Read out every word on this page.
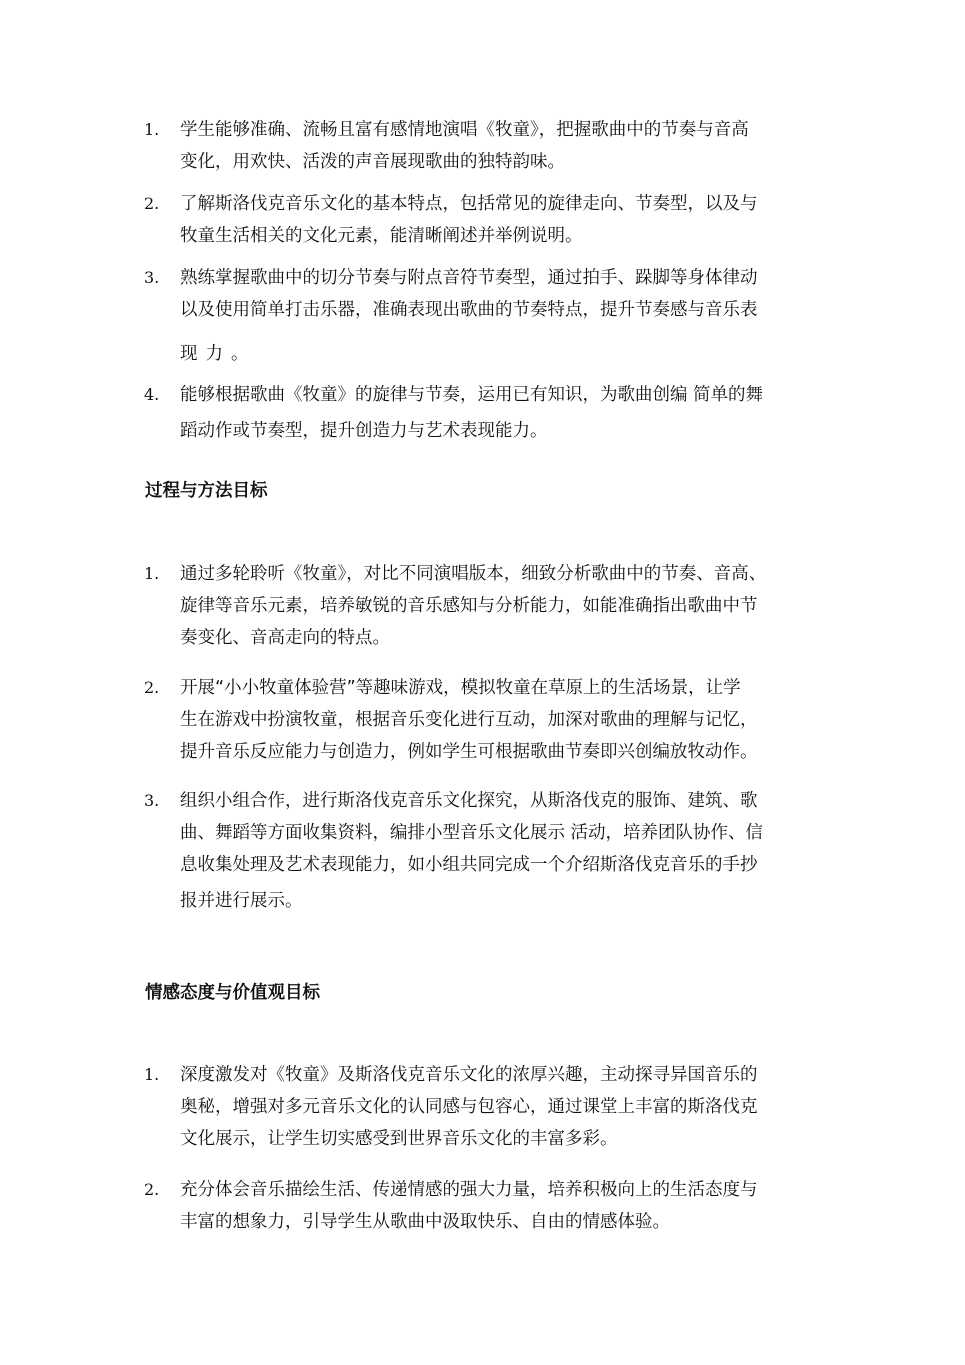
1. 学生能够准确、流畅且富有感情地演唱《牧童》，把握歌曲中的节奏与音高
变化，用欢快、活泼的声音展现歌曲的独特韵味。
2. 了解斯洛伐克音乐文化的基本特点，包括常见的旋律走向、节奏型，以及与
牧童生活相关的文化元素，能清晰阐述并举例说明。
3. 熟练掌握歌曲中的切分节奏与附点音符节奏型，通过拍手、跺脚等身体律动
以及使用简单打击乐器，准确表现出歌曲的节奏特点，提升节奏感与音乐表
现力。
4. 能够根据歌曲《牧童》的旋律与节奏，运用已有知识，为歌曲创编 简单的舞
蹈动作或节奏型，提升创造力与艺术表现能力。
过程与方法目标
1. 通过多轮聆听《牧童》，对比不同演唱版本，细致分析歌曲中的节奏、音高、
旋律等音乐元素，培养敏锐的音乐感知与分析能力，如能准确指出歌曲中节
奏变化、音高走向的特点。
2. 开展“小小牧童体验营”等趣味游戏，模拟牧童在草原上的生活场景，让学
生在游戏中扮演牧童，根据音乐变化进行互动，加深对歌曲的理解与记忆，
提升音乐反应能力与创造力，例如学生可根据歌曲节奏即兴创编放牧动作。
3. 组织小组合作，进行斯洛伐克音乐文化探究，从斯洛伐克的服饰、建筑、歌
曲、舞蹈等方面收集资料，编排小型音乐文化展示 活动，培养团队协作、信
息收集处理及艺术表现能力，如小组共同完成一个介绍斯洛伐克音乐的手抄
报并进行展示。
情感态度与价值观目标
1. 深度激发对《牧童》及斯洛伐克音乐文化的浓厚兴趣，主动探寻异国音乐的
奥秘，增强对多元音乐文化的认同感与包容心，通过课堂上丰富的斯洛伐克
文化展示，让学生切实感受到世界音乐文化的丰富多彩。
2. 充分体会音乐描绘生活、传递情感的强大力量，培养积极向上的生活态度与
丰富的想象力，引导学生从歌曲中汲取快乐、自由的情感体验。
